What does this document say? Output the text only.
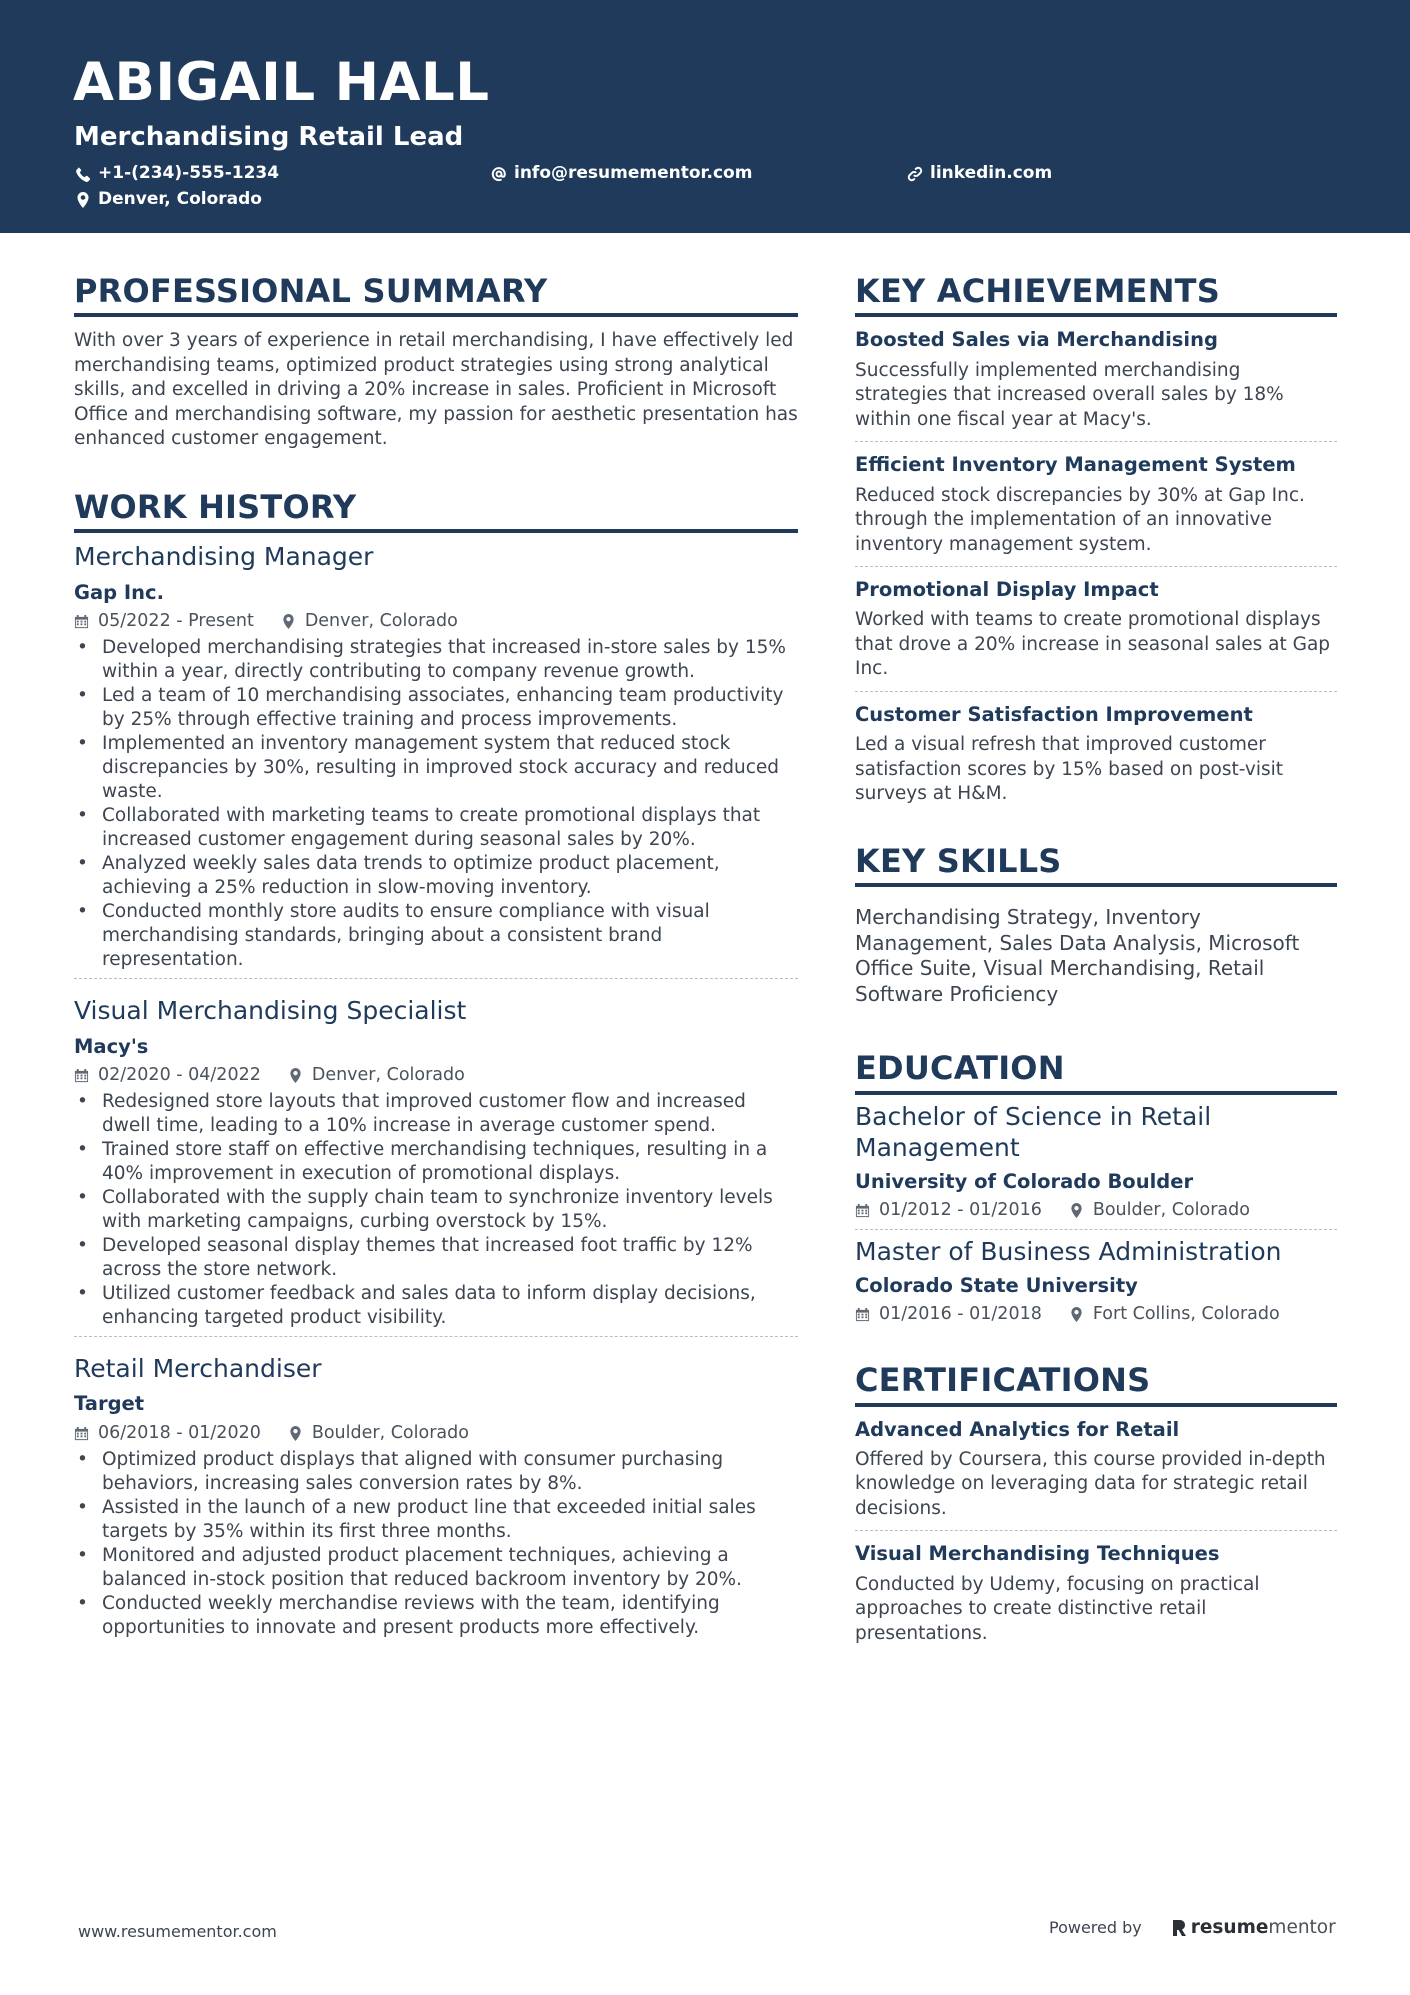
ABIGAIL HALL
Merchandising Retail Lead
+1-(234)-555-1234	info@resumementor.com	linkedin.com
Denver, Colorado
PROFESSIONAL SUMMARY

With over 3 years of experience in retail merchandising, I have effectively led merchandising teams, optimized product strategies using strong analytical skills, and excelled in driving a 20% increase in sales. Proficient in Microsoft Office and merchandising software, my passion for aesthetic presentation has enhanced customer engagement.

WORK HISTORY
Merchandising Manager
Gap Inc.
05/2022 - Present	Denver, Colorado
• Developed merchandising strategies that increased in-store sales by 15% within a year, directly contributing to company revenue growth.
• Led a team of 10 merchandising associates, enhancing team productivity by 25% through effective training and process improvements.
• Implemented an inventory management system that reduced stock discrepancies by 30%, resulting in improved stock accuracy and reduced waste.
• Collaborated with marketing teams to create promotional displays that increased customer engagement during seasonal sales by 20%.
• Analyzed weekly sales data trends to optimize product placement, achieving a 25% reduction in slow-moving inventory.
• Conducted monthly store audits to ensure compliance with visual merchandising standards, bringing about a consistent brand representation.
Visual Merchandising Specialist
Macy's
02/2020 - 04/2022	Denver, Colorado
• Redesigned store layouts that improved customer flow and increased dwell time, leading to a 10% increase in average customer spend.
• Trained store staff on effective merchandising techniques, resulting in a 40% improvement in execution of promotional displays.
• Collaborated with the supply chain team to synchronize inventory levels with marketing campaigns, curbing overstock by 15%.
• Developed seasonal display themes that increased foot traffic by 12% across the store network.
• Utilized customer feedback and sales data to inform display decisions, enhancing targeted product visibility.
Retail Merchandiser
Target
06/2018 - 01/2020	Boulder, Colorado
• Optimized product displays that aligned with consumer purchasing behaviors, increasing sales conversion rates by 8%.
• Assisted in the launch of a new product line that exceeded initial sales targets by 35% within its first three months.
• Monitored and adjusted product placement techniques, achieving a balanced in-stock position that reduced backroom inventory by 20%.
• Conducted weekly merchandise reviews with the team, identifying opportunities to innovate and present products more effectively.
KEY ACHIEVEMENTS
Boosted Sales via Merchandising

Successfully implemented merchandising strategies that increased overall sales by 18% within one fiscal year at Macy's.

Efficient Inventory Management System

Reduced stock discrepancies by 30% at Gap Inc. through the implementation of an innovative inventory management system.

Promotional Display Impact

Worked with teams to create promotional displays that drove a 20% increase in seasonal sales at Gap Inc.

Customer Satisfaction Improvement

Led a visual refresh that improved customer satisfaction scores by 15% based on post-visit surveys at H&M.

KEY SKILLS

Merchandising Strategy, Inventory Management, Sales Data Analysis, Microsoft Office Suite, Visual Merchandising, Retail Software Proficiency

EDUCATION
Bachelor of Science in Retail Management
University of Colorado Boulder
01/2012 - 01/2016	Boulder, Colorado
Master of Business Administration
Colorado State University
01/2016 - 01/2018	Fort Collins, Colorado
CERTIFICATIONS
Advanced Analytics for Retail

Offered by Coursera, this course provided in-depth knowledge on leveraging data for strategic retail decisions.

Visual Merchandising Techniques

Conducted by Udemy, focusing on practical approaches to create distinctive retail presentations.

www.resumementor.com	Powered by	resume mentor
